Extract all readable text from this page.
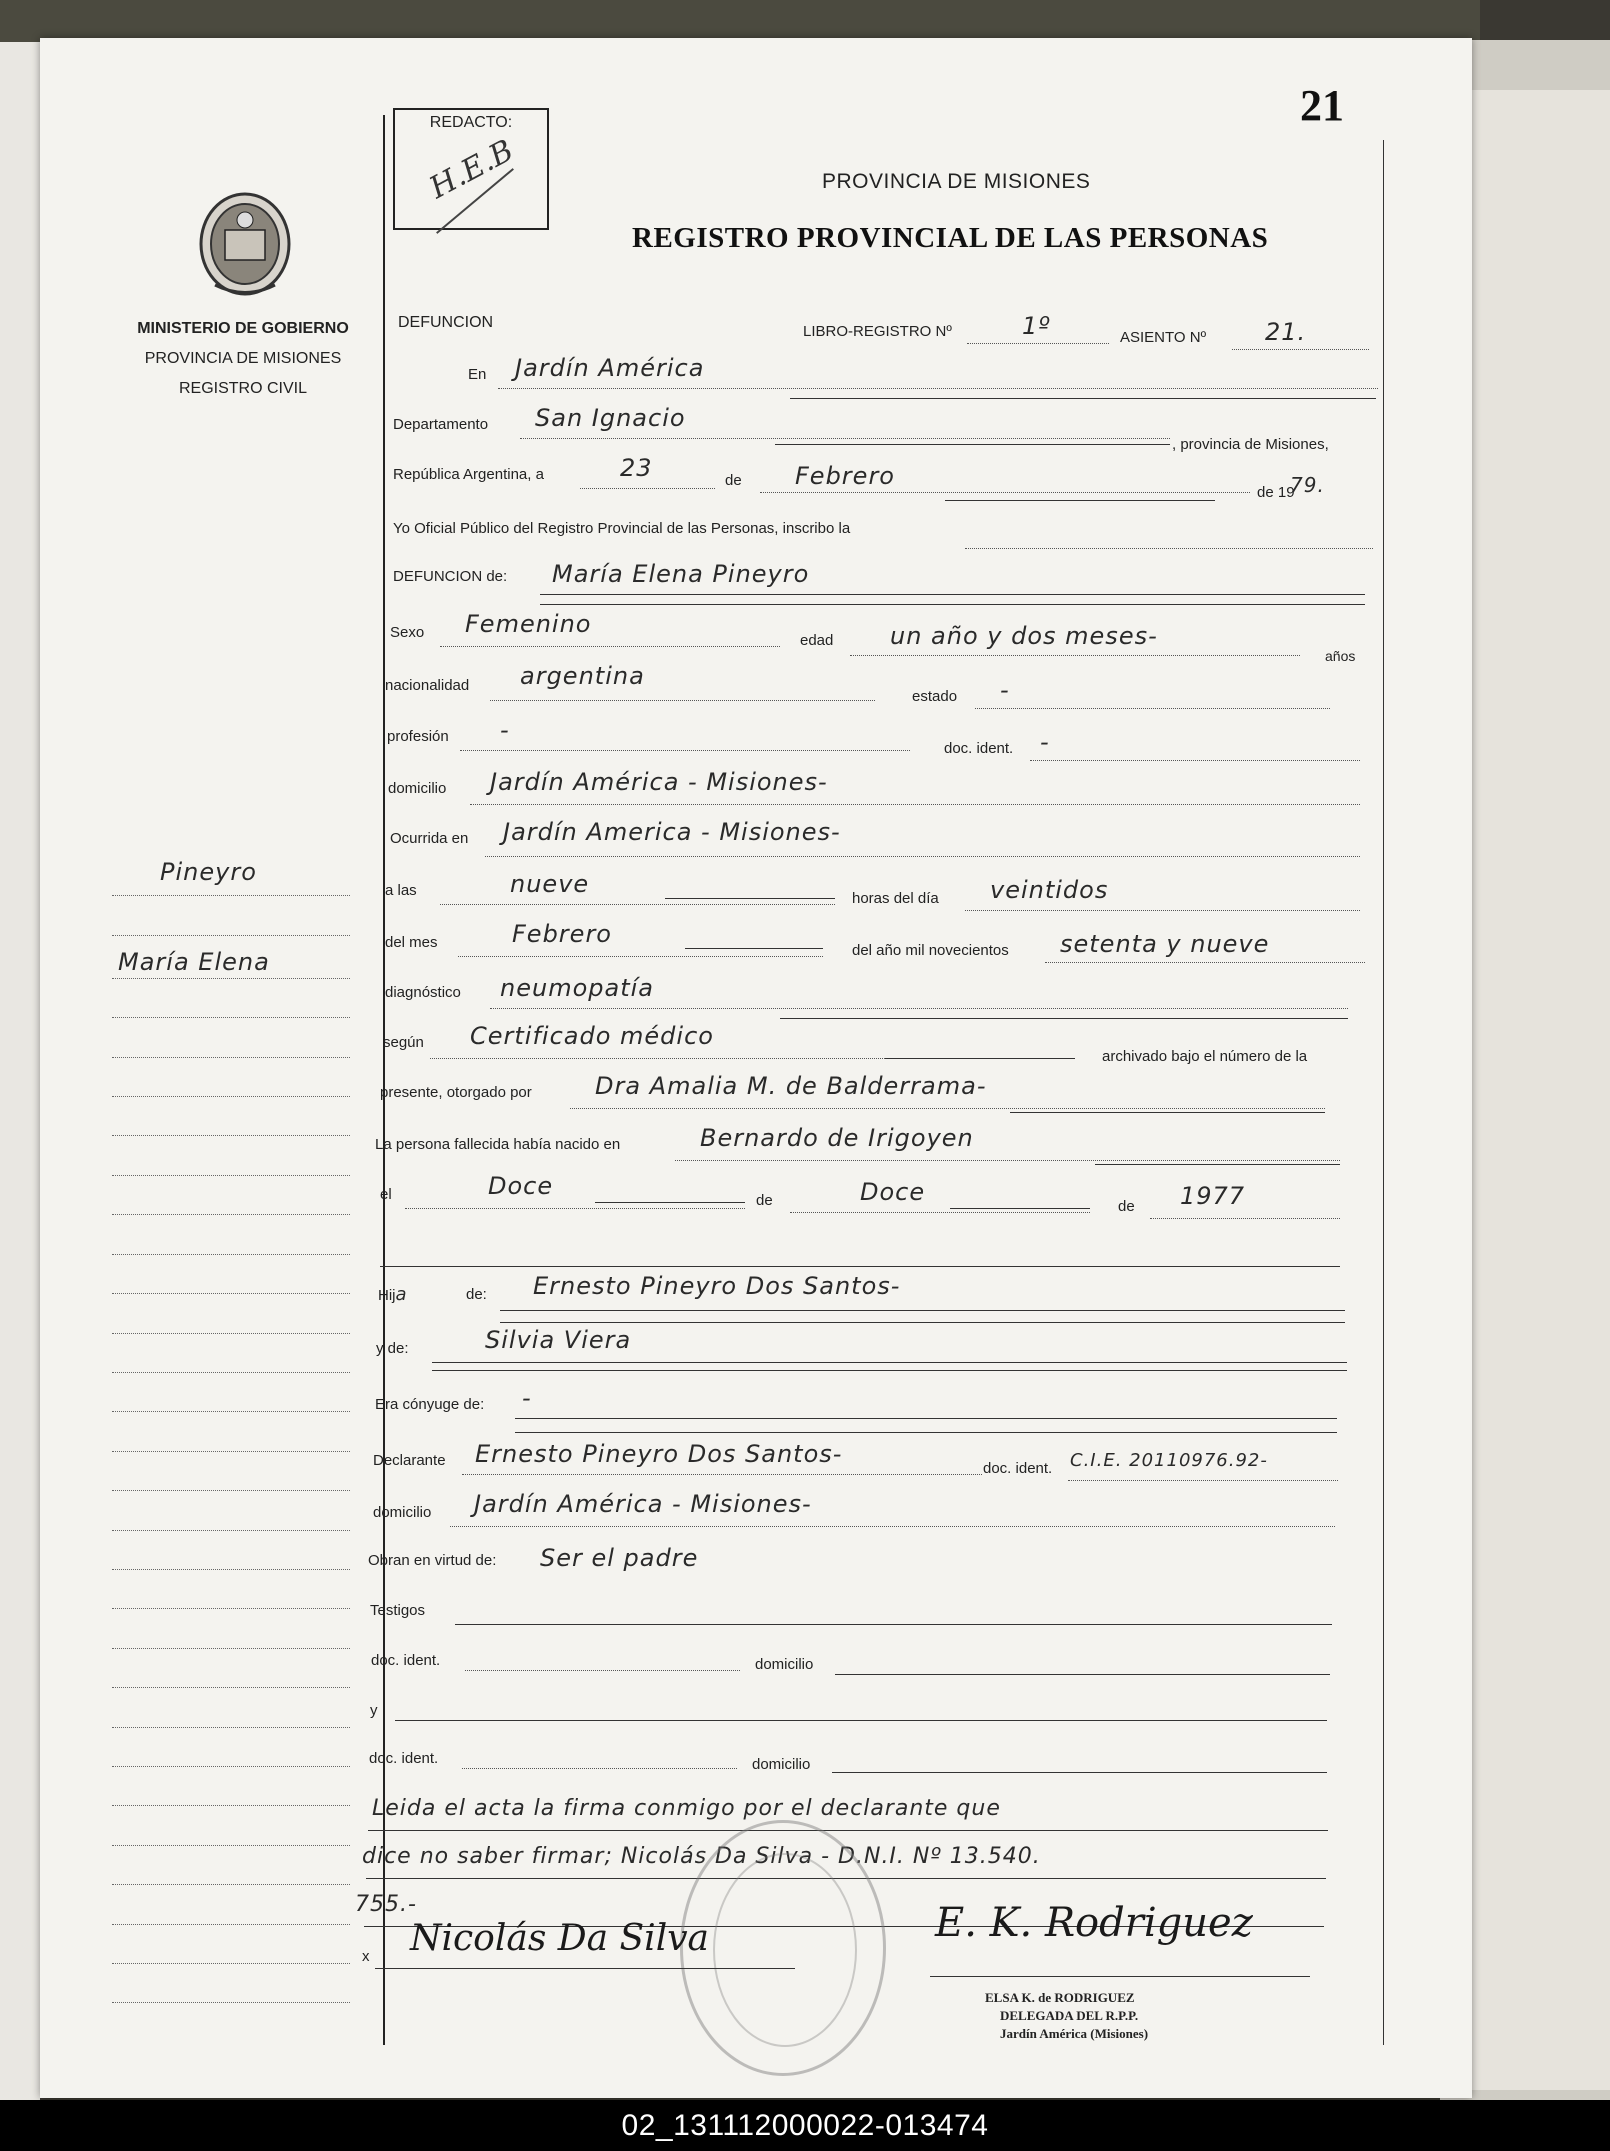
21
REDACTO:
H.E.B	PROVINCIA DE MISIONES
REGISTRO PROVINCIAL DE LAS PERSONAS
MINISTERIO DE GOBIERNO
PROVINCIA DE MISIONES
REGISTRO CIVIL
Pineyro
María Elena
DEFUNCION
LIBRO-REGISTRO Nº	1º	ASIENTO Nº 21.
En Jardín América
Departamento San Ignacio
, provincia de Misiones,
República Argentina, a	23	de Febrero
de 19
79.
Yo Oficial Público del Registro Provincial de las Personas, inscribo la
DEFUNCION de: María Elena Pineyro
Sexo Femenino
edad un año y dos meses-
años
nacionalidad argentina
estado -
profesión -
doc. ident. -
domicilio Jardín América - Misiones-
Ocurrida en Jardín America - Misiones-
a las	nueve
horas del día veintidos
del mes	Febrero
del año mil novecientos setenta y nueve
diagnóstico neumopatía
según Certificado médico
archivado bajo el número de la
presente, otorgado por	Dra Amalia M. de Balderrama-
La persona fallecida había nacido en	Bernardo de Irigoyen
el	Doce
de	Doce
de 1977
Hija	de: Ernesto Pineyro Dos Santos-
y de:	Silvia Viera
Era cónyuge de: -
Declarante Ernesto Pineyro Dos Santos-
doc. ident. C.I.E. 20110976.92-
domicilio Jardín América - Misiones-
Obran en virtud de: Ser el padre
Testigos
doc. ident.	domicilio
y
doc. ident.	domicilio
Leida el acta la firma conmigo por el declarante que
dice no saber firmar; Nicolás Da Silva - D.N.I. Nº 13.540.
755.-
x Nicolás Da Silva	E. K. Rodriguez
ELSA K. de RODRIGUEZ
DELEGADA DEL R.P.P.
Jardín América (Misiones)
02_131112000022-013474
